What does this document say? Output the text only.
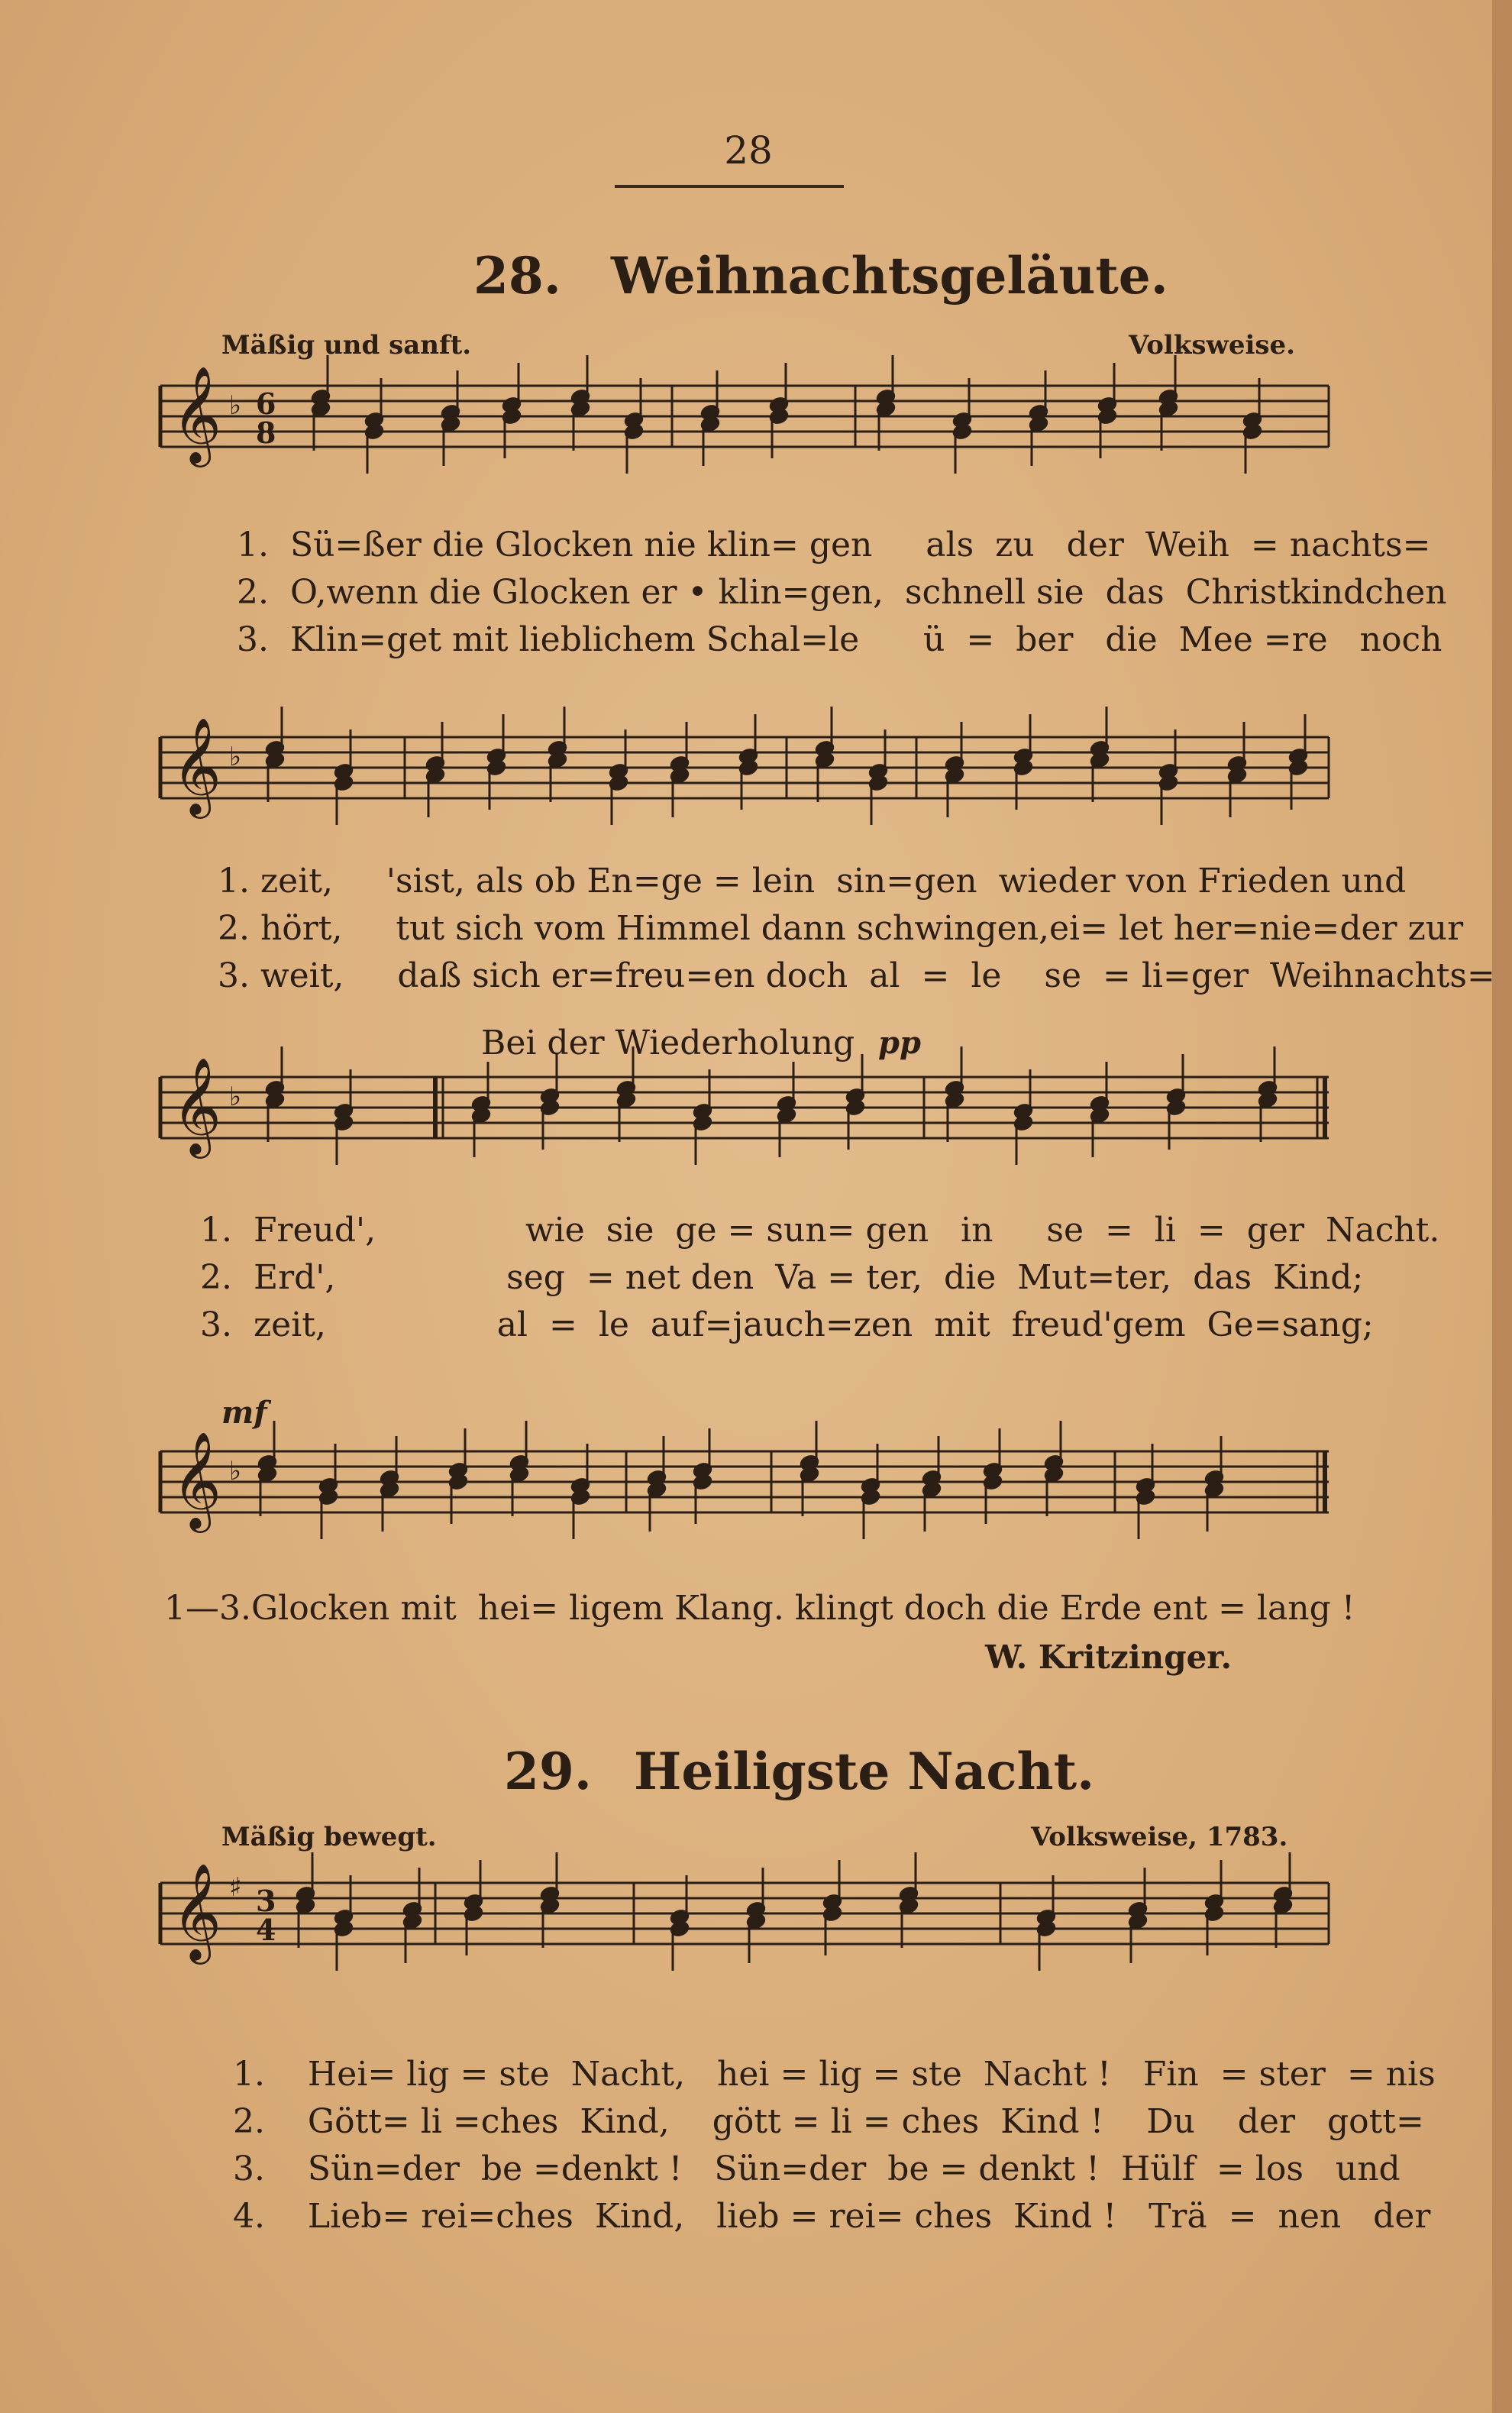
28
28. Weihnachtsgeläute.
Mäßig und sanft.	Volksweise.
𝄞 ♭ 6
8
1.  Sü=ßer die Glocken nie klin= gen     als  zu   der  Weih  = nachts=
2.  O,wenn die Glocken er • klin=gen,  schnell sie  das  Christkindchen
3.  Klin=get mit lieblichem Schal=le      ü  =  ber   die  Mee =re   noch
𝄞 ♭
1. zeit,     'sist, als ob En=ge = lein  sin=gen  wieder von Frieden und
2. hört,     tut sich vom Himmel dann schwingen,ei= let her=nie=der zur
3. weit,     daß sich er=freu=en doch  al  =  le    se  = li=ger  Weihnachts=
Bei der Wiederholung pp
𝄞 ♭
1.  Freud',              wie  sie  ge = sun= gen   in     se  =  li  =  ger  Nacht.
2.  Erd',                seg  = net den  Va = ter,  die  Mut=ter,  das  Kind;
3.  zeit,                al  =  le  auf=jauch=zen  mit  freud'gem  Ge=sang;
mf
𝄞 ♭
1—3.Glocken mit  hei= ligem Klang. klingt doch die Erde ent = lang !
W. Kritzinger.
29. Heiligste Nacht.
Mäßig bewegt.	Volksweise, 1783.
𝄞 ♯ 3
4
1.    Hei= lig = ste  Nacht,   hei = lig = ste  Nacht !   Fin  = ster  = nis
2.    Gött= li =ches  Kind,    gött = li = ches  Kind !    Du    der   gott=
3.    Sün=der  be =denkt !   Sün=der  be = denkt !  Hülf  = los   und
4.    Lieb= rei=ches  Kind,   lieb = rei= ches  Kind !   Trä  =  nen   der
